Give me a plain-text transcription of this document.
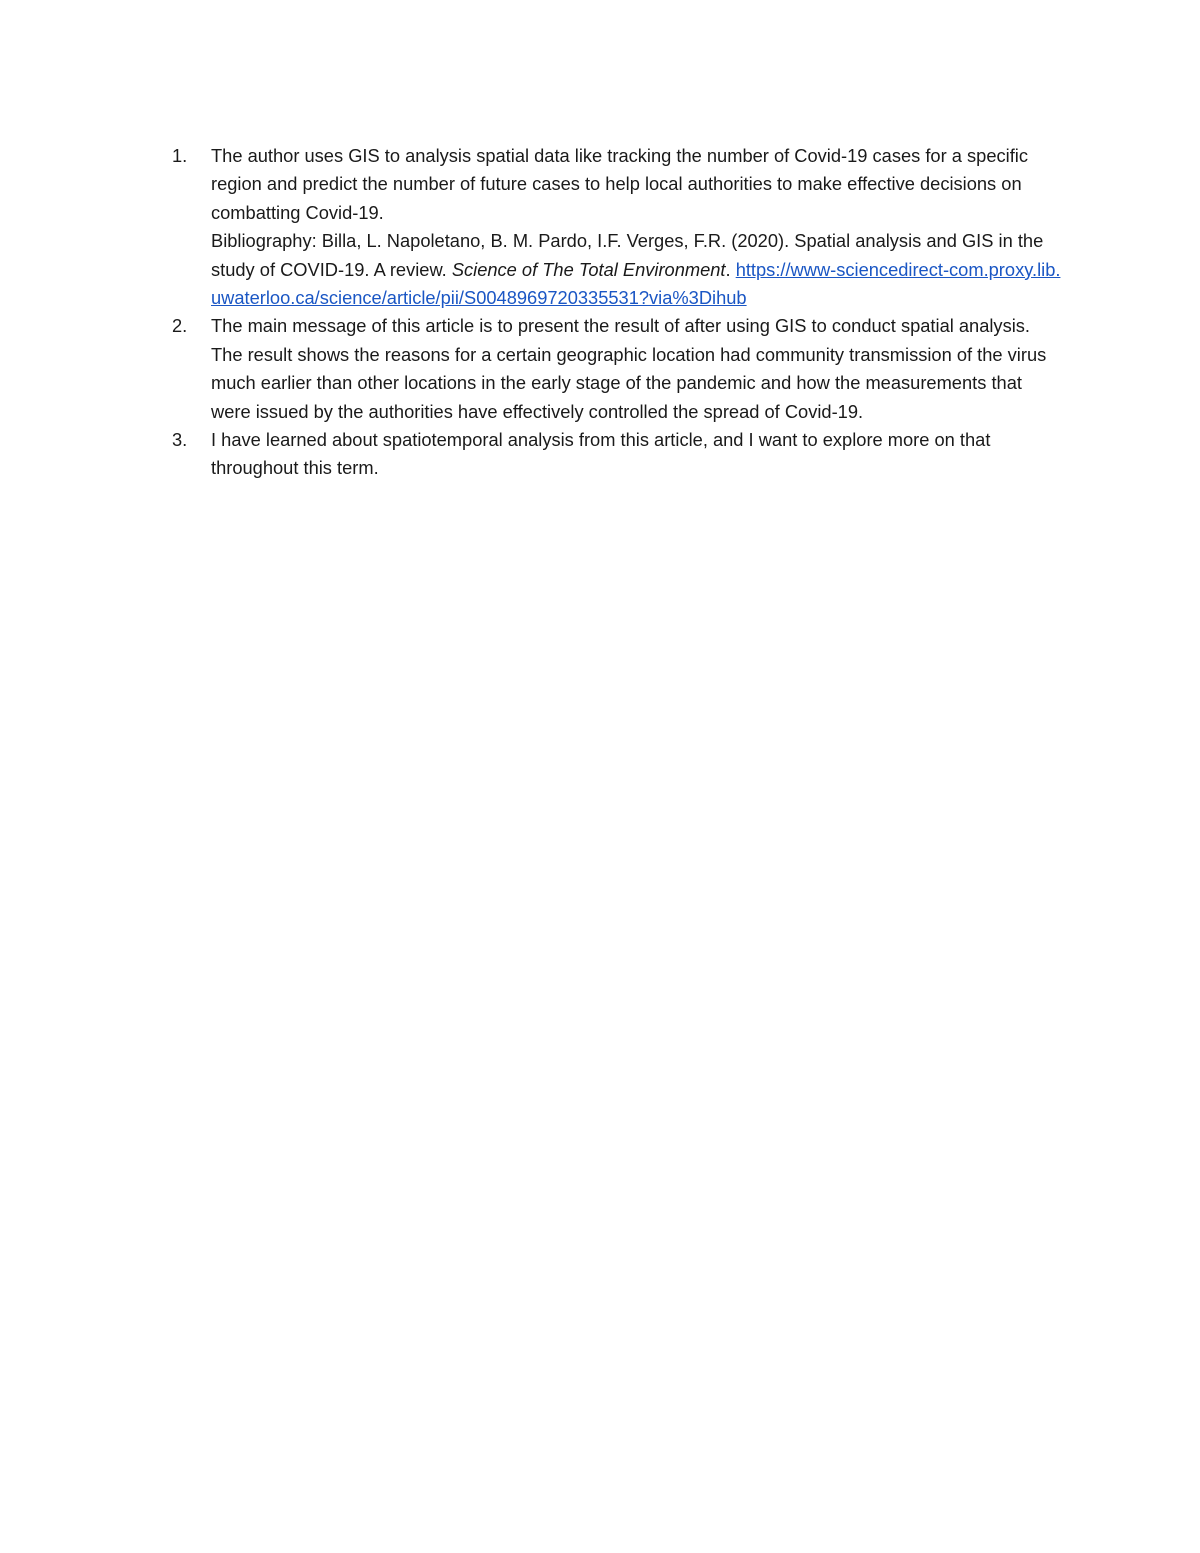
1.	The author uses GIS to analysis spatial data like tracking the number of Covid-19 cases for a specific region and predict the number of future cases to help local authorities to make effective decisions on combatting Covid-19.
Bibliography: Billa, L. Napoletano, B. M. Pardo, I.F. Verges, F.R. (2020). Spatial analysis and GIS in the study of COVID-19. A review. Science of The Total Environment. https://www-sciencedirect-com.proxy.lib.uwaterloo.ca/science/article/pii/S0048969720335531?via%3Dihub
2.	The main message of this article is to present the result of after using GIS to conduct spatial analysis. The result shows the reasons for a certain geographic location had community transmission of the virus much earlier than other locations in the early stage of the pandemic and how the measurements that were issued by the authorities have effectively controlled the spread of Covid-19.
3.	I have learned about spatiotemporal analysis from this article, and I want to explore more on that throughout this term.
